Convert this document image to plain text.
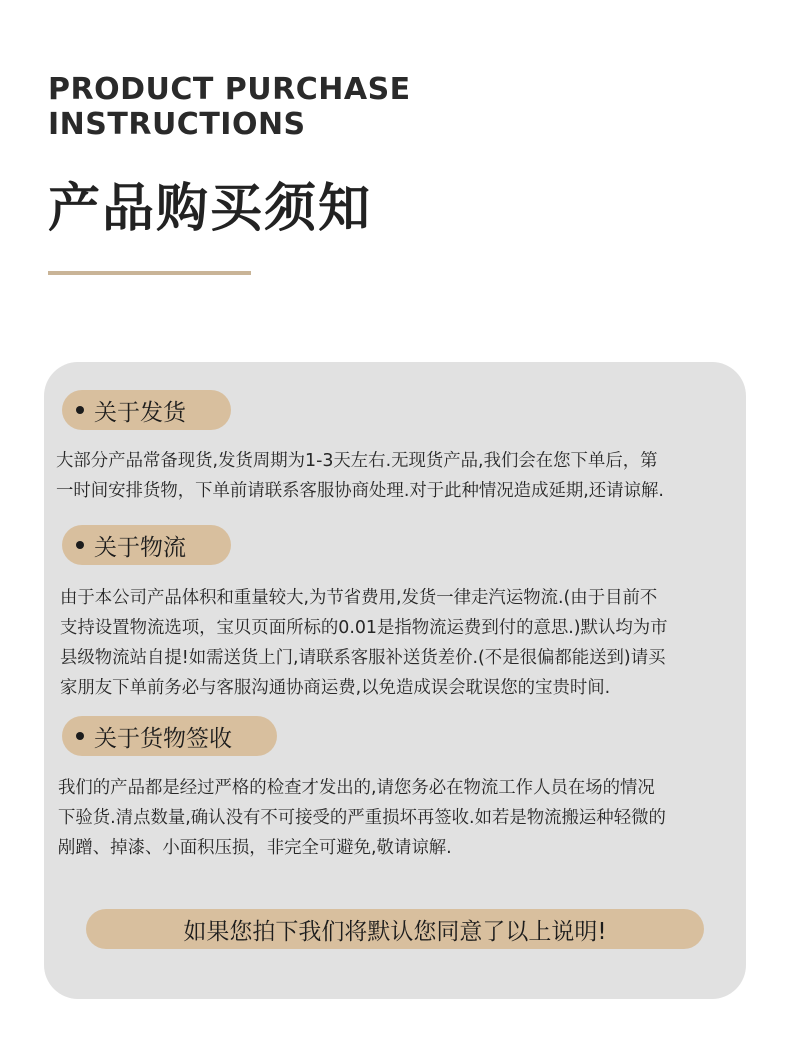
PRODUCT PURCHASE
INSTRUCTIONS
产品购买须知
关于发货
大部分产品常备现货,发货周期为1-3天左右.无现货产品,我们会在您下单后，第
一时间安排货物，下单前请联系客服协商处理.对于此种情况造成延期,还请谅解.
关于物流
由于本公司产品体积和重量较大,为节省费用,发货一律走汽运物流.(由于目前不
支持设置物流选项，宝贝页面所标的0.01是指物流运费到付的意思.)默认均为市
县级物流站自提!如需送货上门,请联系客服补送货差价.(不是很偏都能送到)请买
家朋友下单前务必与客服沟通协商运费,以免造成误会耽误您的宝贵时间.
关于货物签收
我们的产品都是经过严格的检查才发出的,请您务必在物流工作人员在场的情况
下验货.清点数量,确认没有不可接受的严重损坏再签收.如若是物流搬运种轻微的
剐蹭、掉漆、小面积压损，非完全可避免,敬请谅解.
如果您拍下我们将默认您同意了以上说明!
